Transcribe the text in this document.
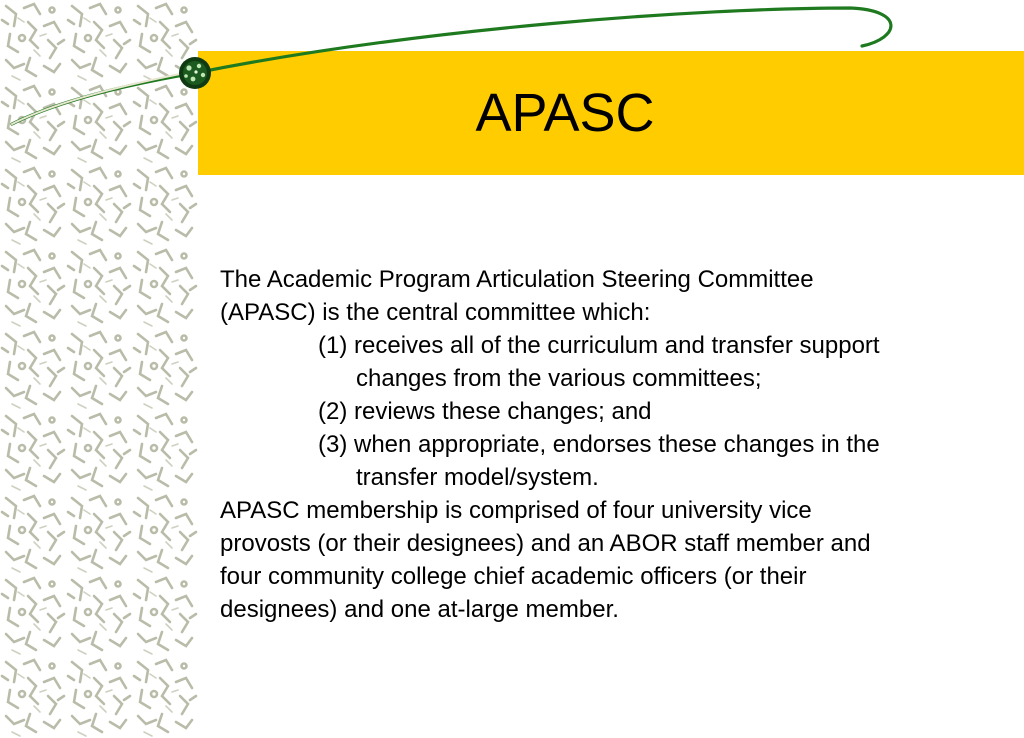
APASC

The Academic Program Articulation Steering Committee

(APASC) is the central committee which:

(1) receives all of the curriculum and transfer support

changes from the various committees;

(2) reviews these changes; and

(3) when appropriate, endorses these changes in the

transfer model/system.

APASC membership is comprised of four university vice

provosts (or their designees) and an ABOR staff member and

four community college chief academic officers (or their

designees) and one at-large member.
